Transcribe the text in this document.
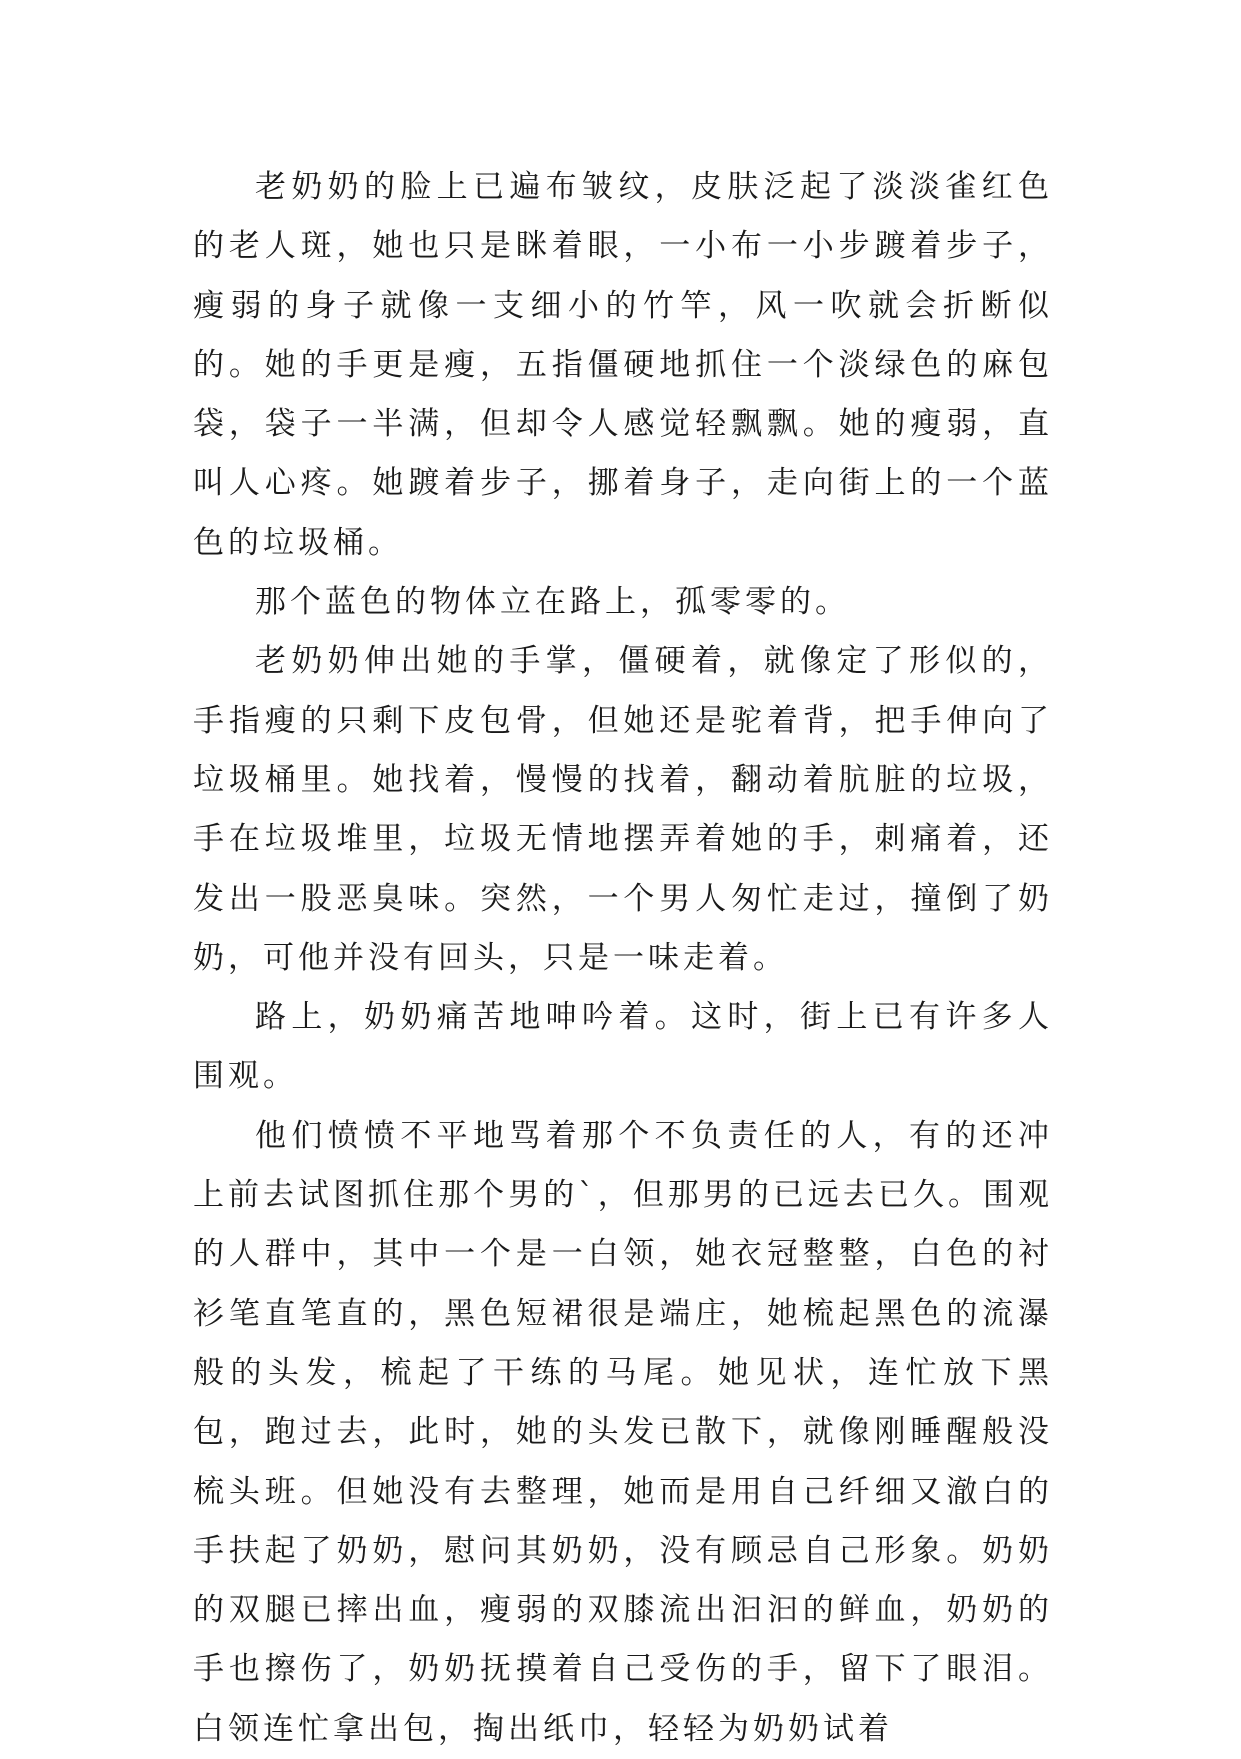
老奶奶的脸上已遍布皱纹，皮肤泛起了淡淡雀红色的老人斑，她也只是眯着眼，一小布一小步踱着步子，瘦弱的身子就像一支细小的竹竿，风一吹就会折断似的。她的手更是瘦，五指僵硬地抓住一个淡绿色的麻包袋，袋子一半满，但却令人感觉轻飘飘。她的瘦弱，直叫人心疼。她踱着步子，挪着身子，走向街上的一个蓝色的垃圾桶。

那个蓝色的物体立在路上，孤零零的。

老奶奶伸出她的手掌，僵硬着，就像定了形似的，手指瘦的只剩下皮包骨，但她还是驼着背，把手伸向了垃圾桶里。她找着，慢慢的找着，翻动着肮脏的垃圾，手在垃圾堆里，垃圾无情地摆弄着她的手，刺痛着，还发出一股恶臭味。突然，一个男人匆忙走过，撞倒了奶奶，可他并没有回头，只是一味走着。

路上，奶奶痛苦地呻吟着。这时，街上已有许多人围观。

他们愤愤不平地骂着那个不负责任的人，有的还冲上前去试图抓住那个男的`，但那男的已远去已久。围观的人群中，其中一个是一白领，她衣冠整整，白色的衬衫笔直笔直的，黑色短裙很是端庄，她梳起黑色的流瀑般的头发，梳起了干练的马尾。她见状，连忙放下黑包，跑过去，此时，她的头发已散下，就像刚睡醒般没梳头班。但她没有去整理，她而是用自己纤细又澈白的手扶起了奶奶，慰问其奶奶，没有顾忌自己形象。奶奶的双腿已摔出血，瘦弱的双膝流出汩汩的鲜血，奶奶的手也擦伤了，奶奶抚摸着自己受伤的手，留下了眼泪。白领连忙拿出包，掏出纸巾，轻轻为奶奶试着
